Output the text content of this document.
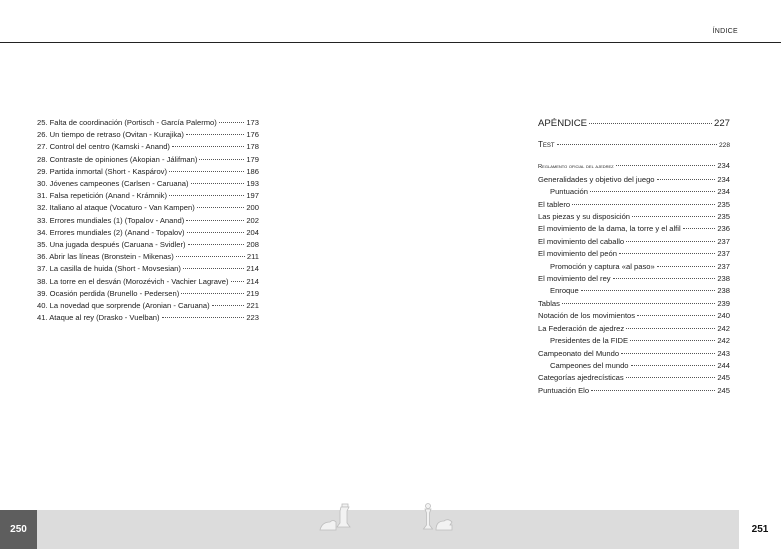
ÍNDICE
25. Falta de coordinación (Portisch - García Palermo)	173
26. Un tiempo de retraso (Ovitan - Kurajika)	176
27. Control del centro (Kamski - Anand)	178
28. Contraste de opiniones (Akopian - Jálifman)	179
29. Partida inmortal (Short - Kaspárov)	186
30. Jóvenes campeones (Carlsen - Caruana)	193
31. Falsa repetición (Anand - Krámnik)	197
32. Italiano al ataque (Vocaturo - Van Kampen)	200
33. Errores mundiales (1) (Topalov - Anand)	202
34. Errores mundiales (2) (Anand - Topalov)	204
35. Una jugada después (Caruana - Svidler)	208
36. Abrir las líneas (Bronstein - Mikenas)	211
37. La casilla de huida (Short - Movsesian)	214
38. La torre en el desván (Morozévich - Vachier Lagrave) 214
39. Ocasión perdida (Brunello - Pedersen)	219
40. La novedad que sorprende (Aronian - Caruana)	221
41. Ataque al rey (Drasko - Vuelban)	223
APÉNDICE	227
Test	228
Reglamento oficial del ajedrez	234
Generalidades y objetivo del juego	234
Puntuación	234
El tablero	235
Las piezas y su disposición	235
El movimiento de la dama, la torre y el alfil	236
El movimiento del caballo	237
El movimiento del peón	237
Promoción y captura «al paso»	237
El movimiento del rey	238
Enroque	238
Tablas	239
Notación de los movimientos	240
La Federación de ajedrez	242
Presidentes de la FIDE	242
Campeonato del Mundo	243
Campeones del mundo	244
Categorías ajedrecísticas	245
Puntuación Elo	245
250	251
